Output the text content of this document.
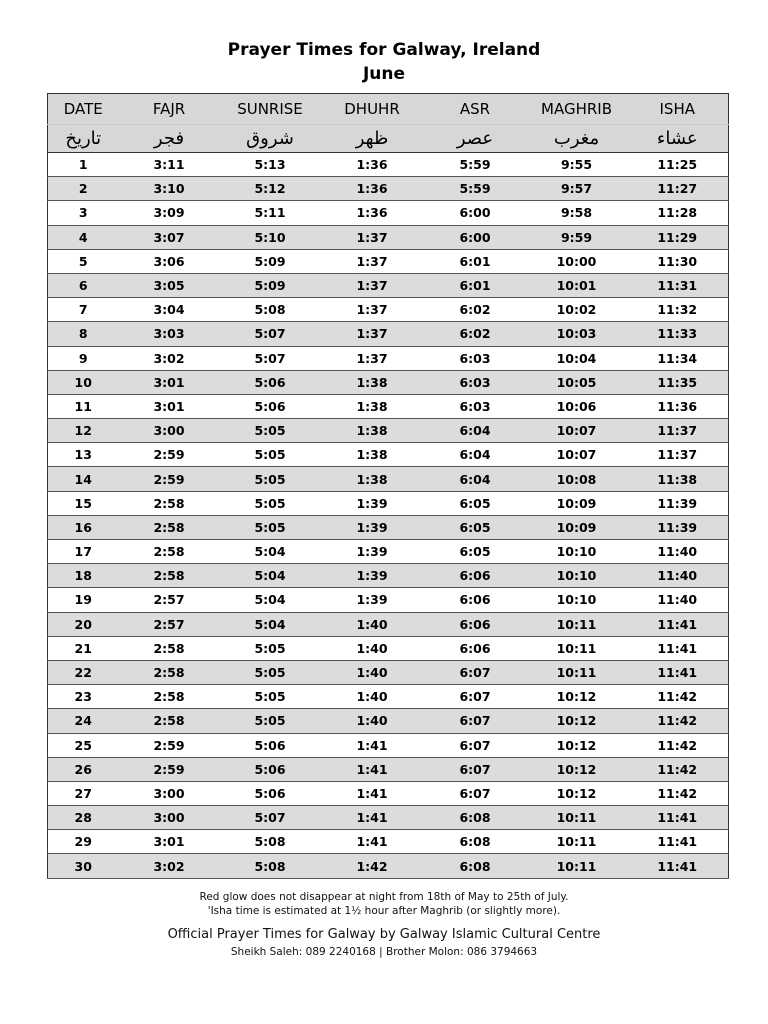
Prayer Times for Galway, Ireland
June
DATE	FAJR	SUNRISE	DHUHR	ASR	MAGHRIB	ISHA
تاريخ	فجر	شروق	ظهر	عصر	مغرب	عشاء
1	3:11	5:13	1:36	5:59	9:55	11:25
2	3:10	5:12	1:36	5:59	9:57	11:27
3	3:09	5:11	1:36	6:00	9:58	11:28
4	3:07	5:10	1:37	6:00	9:59	11:29
5	3:06	5:09	1:37	6:01	10:00	11:30
6	3:05	5:09	1:37	6:01	10:01	11:31
7	3:04	5:08	1:37	6:02	10:02	11:32
8	3:03	5:07	1:37	6:02	10:03	11:33
9	3:02	5:07	1:37	6:03	10:04	11:34
10	3:01	5:06	1:38	6:03	10:05	11:35
11	3:01	5:06	1:38	6:03	10:06	11:36
12	3:00	5:05	1:38	6:04	10:07	11:37
13	2:59	5:05	1:38	6:04	10:07	11:37
14	2:59	5:05	1:38	6:04	10:08	11:38
15	2:58	5:05	1:39	6:05	10:09	11:39
16	2:58	5:05	1:39	6:05	10:09	11:39
17	2:58	5:04	1:39	6:05	10:10	11:40
18	2:58	5:04	1:39	6:06	10:10	11:40
19	2:57	5:04	1:39	6:06	10:10	11:40
20	2:57	5:04	1:40	6:06	10:11	11:41
21	2:58	5:05	1:40	6:06	10:11	11:41
22	2:58	5:05	1:40	6:07	10:11	11:41
23	2:58	5:05	1:40	6:07	10:12	11:42
24	2:58	5:05	1:40	6:07	10:12	11:42
25	2:59	5:06	1:41	6:07	10:12	11:42
26	2:59	5:06	1:41	6:07	10:12	11:42
27	3:00	5:06	1:41	6:07	10:12	11:42
28	3:00	5:07	1:41	6:08	10:11	11:41
29	3:01	5:08	1:41	6:08	10:11	11:41
30	3:02	5:08	1:42	6:08	10:11	11:41
Red glow does not disappear at night from 18th of May to 25th of July.
'Isha time is estimated at 1½ hour after Maghrib (or slightly more).
Official Prayer Times for Galway by Galway Islamic Cultural Centre
Sheikh Saleh: 089 2240168 | Brother Molon: 086 3794663
